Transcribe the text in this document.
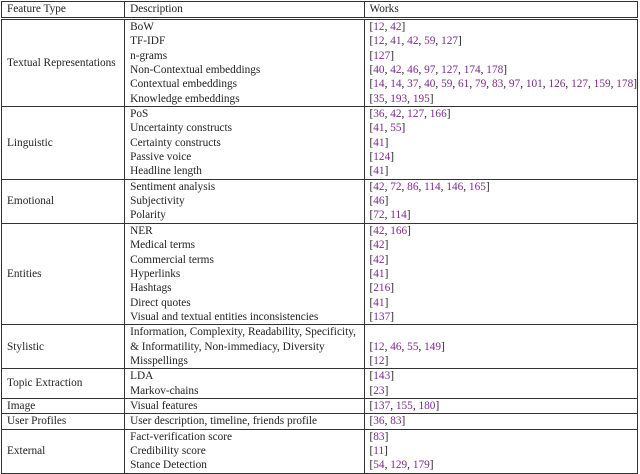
Feature Type	Description	Works
Textual Representations	BoW	[12, 42]
	TF-IDF	[12, 41, 42, 59, 127]
	n-grams	[127]
	Non-Contextual embeddings	[40, 42, 46, 97, 127, 174, 178]
	Contextual embeddings	[14, 14, 37, 40, 59, 61, 79, 83, 97, 101, 126, 127, 159, 178]
	Knowledge embeddings	[35, 193, 195]
Linguistic	PoS	[36, 42, 127, 166]
	Uncertainty constructs	[41, 55]
	Certainty constructs	[41]
	Passive voice	[124]
	Headline length	[41]
Emotional	Sentiment analysis	[42, 72, 86, 114, 146, 165]
	Subjectivity	[46]
	Polarity	[72, 114]
Entities	NER	[42, 166]
	Medical terms	[42]
	Commercial terms	[42]
	Hyperlinks	[41]
	Hashtags	[216]
	Direct quotes	[41]
	Visual and textual entities inconsistencies	[137]
Stylistic	Information, Complexity, Readability, Specificity,	[12, 46, 55, 149]
	& Informatility, Non-immediacy, Diversity	
	Misspellings	[12]
Topic Extraction	LDA	[143]
	Markov-chains	[23]
Image	Visual features	[137, 155, 180]
User Profiles	User description, timeline, friends profile	[36, 83]
External	Fact-verification score	[83]
	Credibility score	[11]
	Stance Detection	[54, 129, 179]
